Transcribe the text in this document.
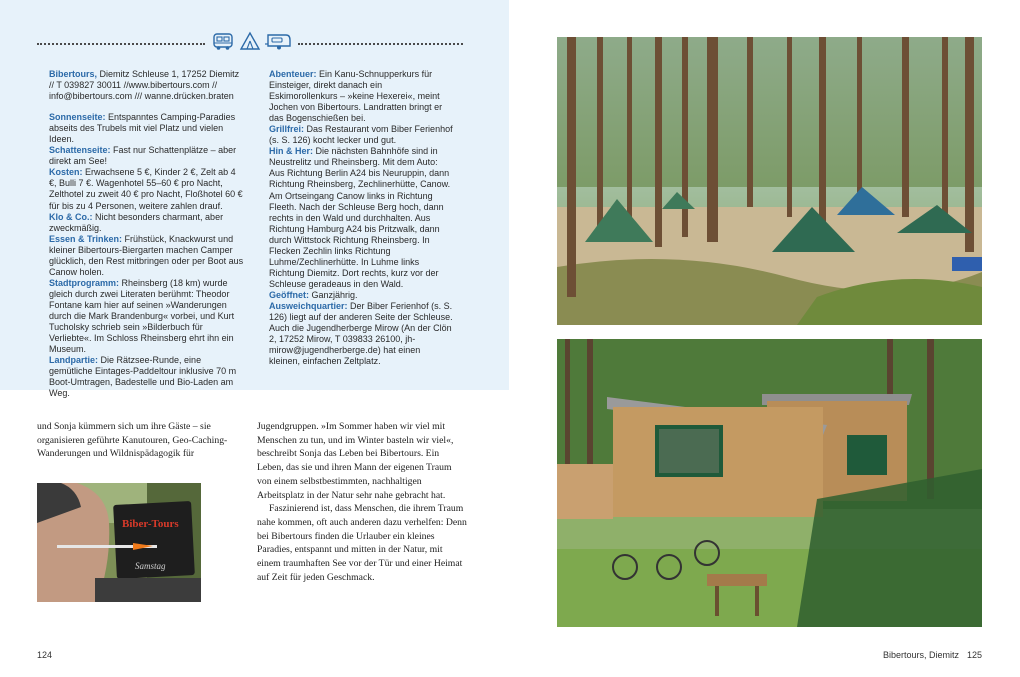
Bibertours, Diemitz Schleuse 1, 17252 Diemitz // T 039827 30011 //www.bibertours.com // info@bibertours.com /// wanne.drücken.braten

Sonnenseite: Entspanntes Camping-Paradies abseits des Trubels mit viel Platz und vielen Ideen.

Schattenseite: Fast nur Schattenplätze – aber direkt am See!

Kosten: Erwachsene 5 €, Kinder 2 €, Zelt ab 4 €, Bulli 7 €. Wagenhotel 55–60 € pro Nacht, Zelthotel zu zweit 40 € pro Nacht, Floßhotel 60 € für bis zu 4 Personen, weitere zahlen drauf.

Klo & Co.: Nicht besonders charmant, aber zweckmäßig.

Essen & Trinken: Frühstück, Knackwurst und kleiner Bibertours-Biergarten machen Camper glücklich, den Rest mitbringen oder per Boot aus Canow holen.

Stadtprogramm: Rheinsberg (18 km) wurde gleich durch zwei Literaten berühmt: Theodor Fontane kam hier auf seinen »Wanderungen durch die Mark Brandenburg« vorbei, und Kurt Tucholsky schrieb sein »Bilderbuch für Verliebte«. Im Schloss Rheinsberg ehrt ihn ein Museum.

Landpartie: Die Rätzsee-Runde, eine gemütliche Eintages-Paddeltour inklusive 70 m Boot-Umtragen, Badestelle und Bio-Laden am Weg.

Abenteuer: Ein Kanu-Schnupperkurs für Einsteiger, direkt danach ein Eskimorollenkurs – »keine Hexerei«, meint Jochen von Bibertours. Landratten bringt er das Bogenschießen bei.

Grillfrei: Das Restaurant vom Biber Ferienhof (s. S. 126) kocht lecker und gut.

Hin & Her: Die nächsten Bahnhöfe sind in Neustrelitz und Rheinsberg. Mit dem Auto: Aus Richtung Berlin A24 bis Neuruppin, dann Richtung Rheinsberg, Zechlinerhütte, Canow. Am Ortseingang Canow links in Richtung Fleeth. Nach der Schleuse Berg hoch, dann rechts in den Wald und durchhalten. Aus Richtung Hamburg A24 bis Pritzwalk, dann durch Wittstock Richtung Rheinsberg. In Flecken Zechlin links Richtung Luhme/Zechlinerhütte. In Luhme links Richtung Diemitz. Dort rechts, kurz vor der Schleuse geradeaus in den Wald.

Geöffnet: Ganzjährig.

Ausweichquartier: Der Biber Ferienhof (s. S. 126) liegt auf der anderen Seite der Schleuse. Auch die Jugendherberge Mirow (An der Clön 2, 17252 Mirow, T 039833 26100, jh-mirow@jugendherberge.de) hat einen kleinen, einfachen Zeltplatz.

und Sonja kümmern sich um ihre Gäste – sie organisieren geführte Kanutouren, Geo-Caching-Wanderungen und Wildnispädagogik für

Jugendgruppen. »Im Sommer haben wir viel mit Menschen zu tun, und im Winter basteln wir viel«, beschreibt Sonja das Leben bei Bibertours. Ein Leben, das sie und ihren Mann der eigenen Traum von einem selbstbestimmten, nachhaltigen Arbeitsplatz in der Natur sehr nahe gebracht hat.

Faszinierend ist, dass Menschen, die ihrem Traum nahe kommen, oft auch anderen dazu verhelfen: Denn bei Bibertours finden die Urlauber ein kleines Paradies, entspannt und mitten in der Natur, mit einem traumhaften See vor der Tür und einer Heimat auf Zeit für jeden Geschmack.

Biber-Tours
Samstag
124	Bibertours, Diemitz 125
